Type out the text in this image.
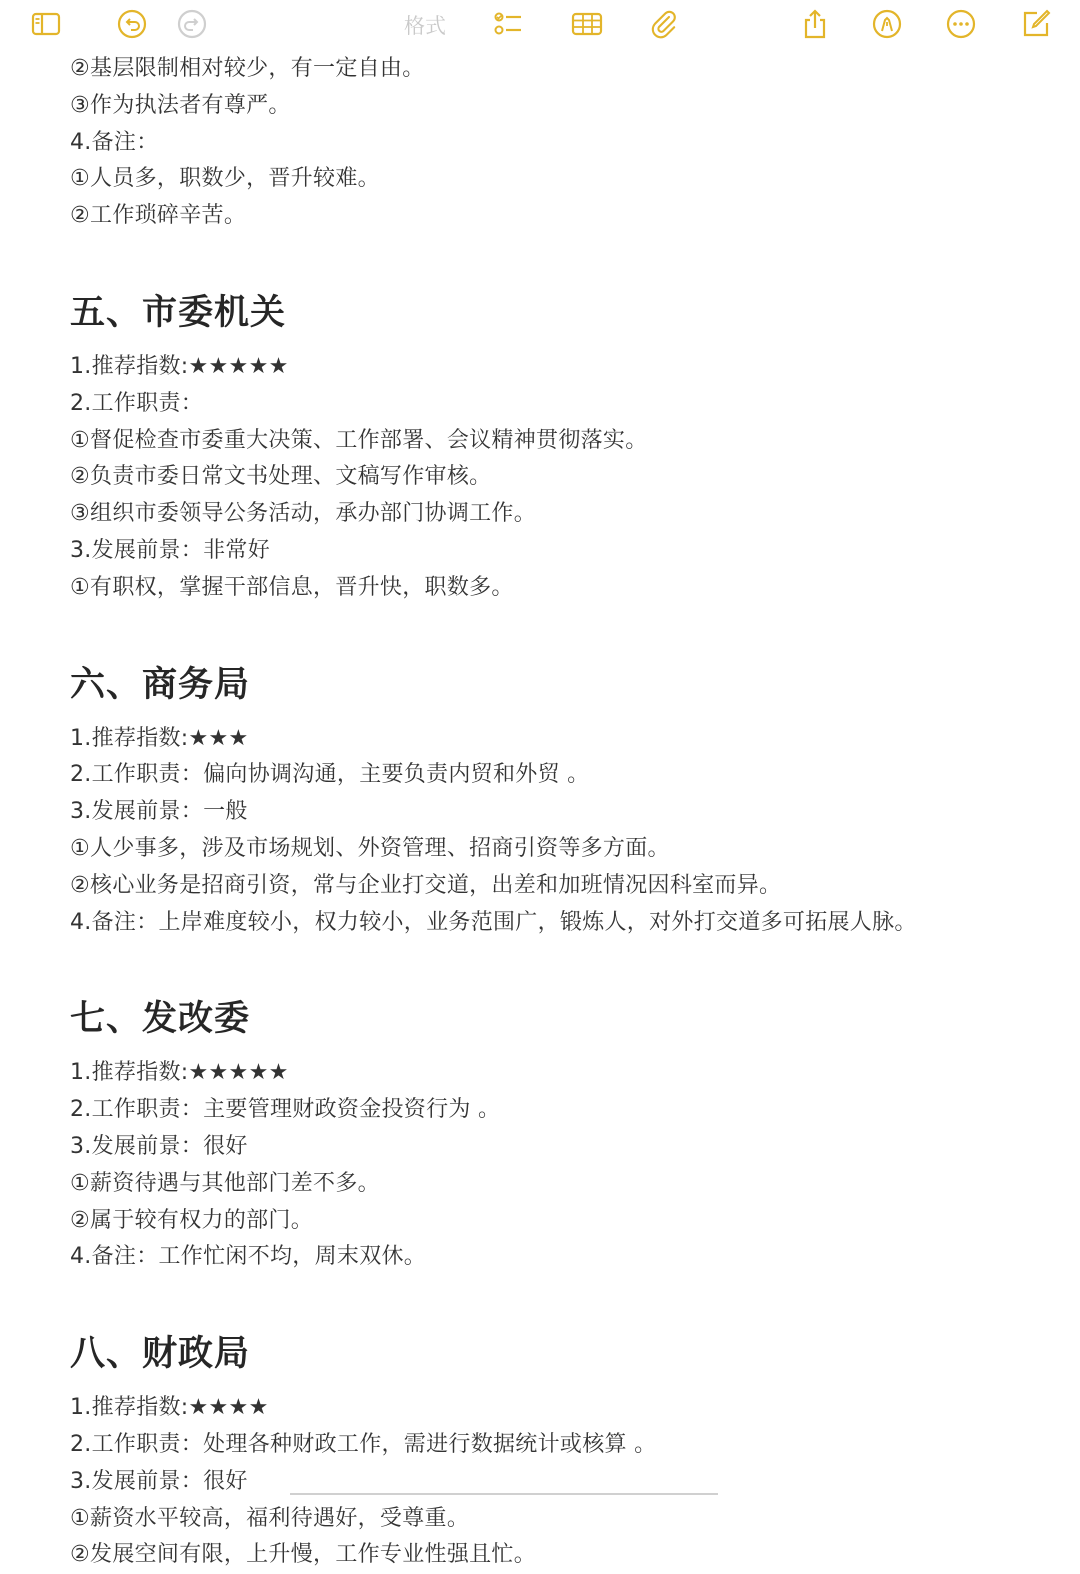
格式
②基层限制相对较少，有一定自由。
③作为执法者有尊严。
4.备注：
①人员多，职数少，晋升较难。
②工作琐碎辛苦。
五、市委机关
1.推荐指数:★★★★★
2.工作职责：
①督促检查市委重大决策、工作部署、会议精神贯彻落实。
②负责市委日常文书处理、文稿写作审核。
③组织市委领导公务活动，承办部门协调工作。
3.发展前景：非常好
①有职权，掌握干部信息，晋升快，职数多。
六、商务局
1.推荐指数:★★★
2.工作职责：偏向协调沟通，主要负责内贸和外贸 。
3.发展前景：一般
①人少事多，涉及市场规划、外资管理、招商引资等多方面。
②核心业务是招商引资，常与企业打交道，出差和加班情况因科室而异。
4.备注：上岸难度较小，权力较小，业务范围广，锻炼人，对外打交道多可拓展人脉。
七、发改委
1.推荐指数:★★★★★
2.工作职责：主要管理财政资金投资行为 。
3.发展前景：很好
①薪资待遇与其他部门差不多。
②属于较有权力的部门。
4.备注：工作忙闲不均，周末双休。
八、财政局
1.推荐指数:★★★★
2.工作职责：处理各种财政工作，需进行数据统计或核算 。
3.发展前景：很好
①薪资水平较高，福利待遇好，受尊重。
②发展空间有限，上升慢，工作专业性强且忙。
